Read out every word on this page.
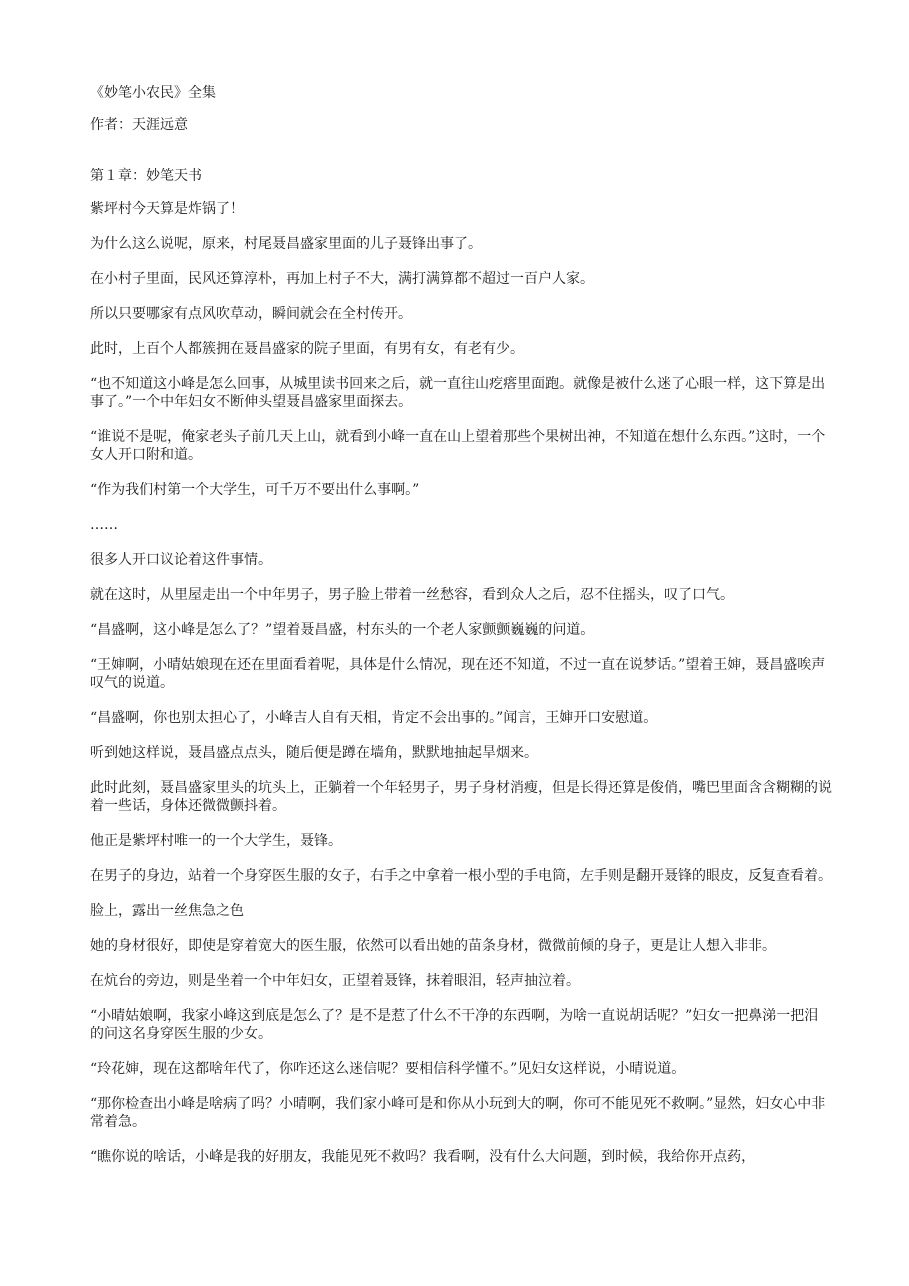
《妙笔小农民》全集

作者：天涯远意

第１章：妙笔天书

紫坪村今天算是炸锅了！

为什么这么说呢，原来，村尾聂昌盛家里面的儿子聂锋出事了。

在小村子里面，民风还算淳朴，再加上村子不大，满打满算都不超过一百户人家。

所以只要哪家有点风吹草动，瞬间就会在全村传开。

此时，上百个人都簇拥在聂昌盛家的院子里面，有男有女，有老有少。

“也不知道这小峰是怎么回事，从城里读书回来之后，就一直往山疙瘩里面跑。就像是被什么迷了心眼一样，这下算是出事了。”一个中年妇女不断伸头望聂昌盛家里面探去。

“谁说不是呢，俺家老头子前几天上山，就看到小峰一直在山上望着那些个果树出神，不知道在想什么东西。”这时，一个女人开口附和道。

“作为我们村第一个大学生，可千万不要出什么事啊。”

……

很多人开口议论着这件事情。

就在这时，从里屋走出一个中年男子，男子脸上带着一丝愁容，看到众人之后，忍不住摇头，叹了口气。

“昌盛啊，这小峰是怎么了？”望着聂昌盛，村东头的一个老人家颤颤巍巍的问道。

“王婶啊，小晴姑娘现在还在里面看着呢，具体是什么情况，现在还不知道，不过一直在说梦话。”望着王婶，聂昌盛唉声叹气的说道。

“昌盛啊，你也别太担心了，小峰吉人自有天相，肯定不会出事的。”闻言，王婶开口安慰道。

听到她这样说，聂昌盛点点头，随后便是蹲在墙角，默默地抽起旱烟来。

此时此刻，聂昌盛家里头的坑头上，正躺着一个年轻男子，男子身材消瘦，但是长得还算是俊俏，嘴巴里面含含糊糊的说着一些话，身体还微微颤抖着。

他正是紫坪村唯一的一个大学生，聂锋。

在男子的身边，站着一个身穿医生服的女子，右手之中拿着一根小型的手电筒，左手则是翻开聂锋的眼皮，反复查看着。

脸上，露出一丝焦急之色

她的身材很好，即使是穿着宽大的医生服，依然可以看出她的苗条身材，微微前倾的身子，更是让人想入非非。

在炕台的旁边，则是坐着一个中年妇女，正望着聂锋，抹着眼泪，轻声抽泣着。

“小晴姑娘啊，我家小峰这到底是怎么了？是不是惹了什么不干净的东西啊，为啥一直说胡话呢？”妇女一把鼻涕一把泪的问这名身穿医生服的少女。

“玲花婶，现在这都啥年代了，你咋还这么迷信呢？要相信科学懂不。”见妇女这样说，小晴说道。

“那你检查出小峰是啥病了吗？小晴啊，我们家小峰可是和你从小玩到大的啊，你可不能见死不救啊。”显然，妇女心中非常着急。

“瞧你说的啥话，小峰是我的好朋友，我能见死不救吗？我看啊，没有什么大问题，到时候，我给你开点药，
